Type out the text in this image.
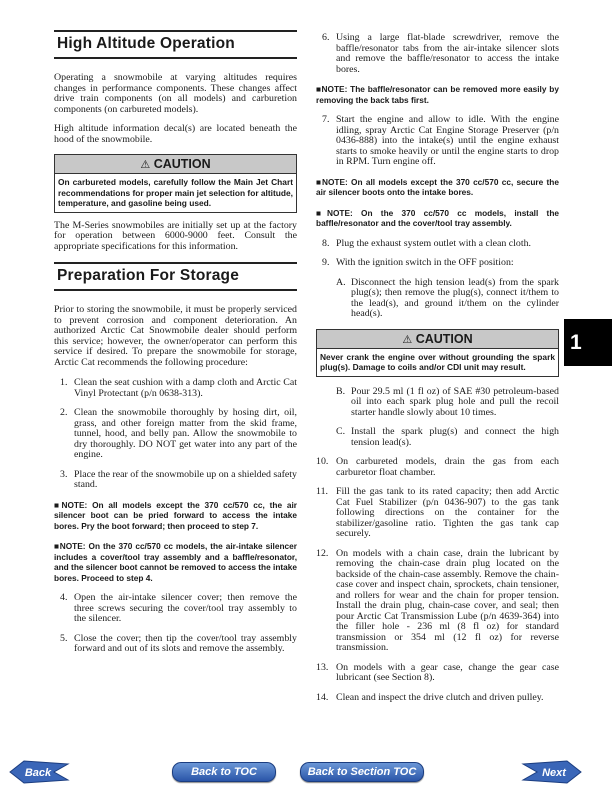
High Altitude Operation

Operating a snowmobile at varying altitudes requires changes in performance components. These changes affect drive train components (on all models) and carburetion components (on carbureted models).

High altitude information decal(s) are located beneath the hood of the snowmobile.

⚠ CAUTION
On carbureted models, carefully follow the Main Jet Chart recommendations for proper main jet selection for altitude, temperature, and gasoline being used.

The M-Series snowmobiles are initially set up at the factory for operation between 6000-9000 feet. Consult the appropriate specifications for this information.

Preparation For Storage

Prior to storing the snowmobile, it must be properly serviced to prevent corrosion and component deterioration. An authorized Arctic Cat Snowmobile dealer should perform this service; however, the owner/operator can perform this service if desired. To prepare the snowmobile for storage, Arctic Cat recommends the following procedure:

1. Clean the seat cushion with a damp cloth and Arctic Cat Vinyl Protectant (p/n 0638-313).
2. Clean the snowmobile thoroughly by hosing dirt, oil, grass, and other foreign matter from the skid frame, tunnel, hood, and belly pan. Allow the snowmobile to dry thoroughly. DO NOT get water into any part of the engine.
3. Place the rear of the snowmobile up on a shielded safety stand.

■NOTE: On all models except the 370 cc/570 cc, the air silencer boot can be pried forward to access the intake bores. Pry the boot forward; then proceed to step 7.

■NOTE: On the 370 cc/570 cc models, the air-intake silencer includes a cover/tool tray assembly and a baffle/resonator, and the silencer boot cannot be removed to access the intake bores. Proceed to step 4.

4. Open the air-intake silencer cover; then remove the three screws securing the cover/tool tray assembly to the silencer.
5. Close the cover; then tip the cover/tool tray assembly forward and out of its slots and remove the assembly.
6. Using a large flat-blade screwdriver, remove the baffle/resonator tabs from the air-intake silencer slots and remove the baffle/resonator to access the intake bores.

■NOTE: The baffle/resonator can be removed more easily by removing the back tabs first.

7. Start the engine and allow to idle. With the engine idling, spray Arctic Cat Engine Storage Preserver (p/n 0436-888) into the intake(s) until the engine exhaust starts to smoke heavily or until the engine starts to drop in RPM. Turn engine off.

■NOTE: On all models except the 370 cc/570 cc, secure the air silencer boots onto the intake bores.

■NOTE: On the 370 cc/570 cc models, install the baffle/resonator and the cover/tool tray assembly.

8. Plug the exhaust system outlet with a clean cloth.
9. With the ignition switch in the OFF position:
A. Disconnect the high tension lead(s) from the spark plug(s); then remove the plug(s), connect it/them to the lead(s), and ground it/them on the cylinder head(s).
⚠ CAUTION
Never crank the engine over without grounding the spark plug(s). Damage to coils and/or CDI unit may result.
B. Pour 29.5 ml (1 fl oz) of SAE #30 petroleum-based oil into each spark plug hole and pull the recoil starter handle slowly about 10 times.
C. Install the spark plug(s) and connect the high tension lead(s).
10. On carbureted models, drain the gas from each carburetor float chamber.
11. Fill the gas tank to its rated capacity; then add Arctic Cat Fuel Stabilizer (p/n 0436-907) to the gas tank following directions on the container for the stabilizer/gasoline ratio. Tighten the gas tank cap securely.
12. On models with a chain case, drain the lubricant by removing the chain-case drain plug located on the backside of the chain-case assembly. Remove the chain-case cover and inspect chain, sprockets, chain tensioner, and rollers for wear and the chain for proper tension. Install the drain plug, chain-case cover, and seal; then pour Arctic Cat Transmission Lube (p/n 4639-364) into the filler hole - 236 ml (8 fl oz) for standard transmission or 354 ml (12 fl oz) for reverse transmission.
13. On models with a gear case, change the gear case lubricant (see Section 8).
14. Clean and inspect the drive clutch and driven pulley.
1
Back	Back to TOC	Back to Section TOC	Next
